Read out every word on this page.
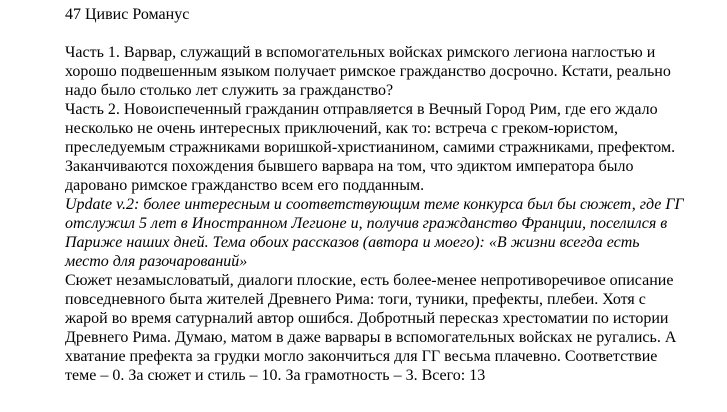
47 Цивис Романус
Часть 1. Варвар, служащий в вспомогательных войсках римского легиона наглостью и
хорошо подвешенным языком получает римское гражданство досрочно. Кстати, реально
надо было столько лет служить за гражданство?
Часть 2. Новоиспеченный гражданин отправляется в Вечный Город Рим, где его ждало
несколько не очень интересных приключений, как то: встреча с греком-юристом,
преследуемым стражниками воришкой-христианином, самими стражниками, префектом.
Заканчиваются похождения бывшего варвара на том, что эдиктом императора было
даровано римское гражданство всем его подданным.
Update v.2: более интересным и соответствующим теме конкурса был бы сюжет, где ГГ
отслужил 5 лет в Иностранном Легионе и, получив гражданство Франции, поселился в
Париже наших дней. Тема обоих рассказов (автора и моего): «В жизни всегда есть
место для разочарований»
Сюжет незамысловатый, диалоги плоские, есть более-менее непротиворечивое описание
повседневного быта жителей Древнего Рима: тоги, туники, префекты, плебеи. Хотя с
жарой во время сатурналий автор ошибся. Добротный пересказ хрестоматии по истории
Древнего Рима. Думаю, матом в даже варвары в вспомогательных войсках не ругались. А
хватание префекта за грудки могло закончиться для ГГ весьма плачевно. Соответствие
теме – 0. За сюжет и стиль – 10. За грамотность – 3. Всего: 13
